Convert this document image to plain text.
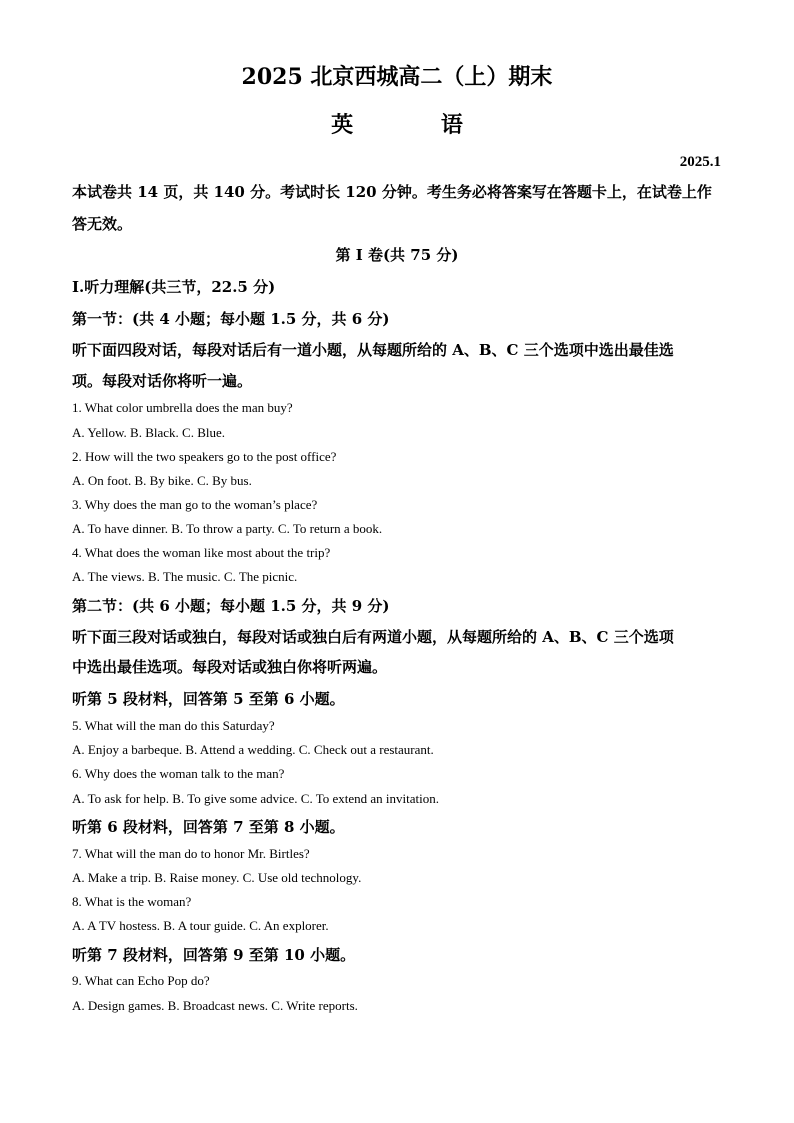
2025 北京西城高二（上）期末
英 语
2025.1
本试卷共 14 页，共 140 分。考试时长 120 分钟。考生务必将答案写在答题卡上，在试卷上作
答无效。
第 I 卷(共 75 分)
I.听力理解(共三节，22.5 分)
第一节：(共 4 小题；每小题 1.5 分，共 6 分)
听下面四段对话，每段对话后有一道小题，从每题所给的 A、B、C 三个选项中选出最佳选
项。每段对话你将听一遍。
1. What color umbrella does the man buy?
A. Yellow. B. Black. C. Blue.
2. How will the two speakers go to the post office?
A. On foot. B. By bike. C. By bus.
3. Why does the man go to the woman’s place?
A. To have dinner. B. To throw a party. C. To return a book.
4. What does the woman like most about the trip?
A. The views. B. The music. C. The picnic.
第二节：(共 6 小题；每小题 1.5 分，共 9 分)
听下面三段对话或独白，每段对话或独白后有两道小题，从每题所给的 A、B、C 三个选项
中选出最佳选项。每段对话或独白你将听两遍。
听第 5 段材料，回答第 5 至第 6 小题。
5. What will the man do this Saturday?
A. Enjoy a barbeque. B. Attend a wedding. C. Check out a restaurant.
6. Why does the woman talk to the man?
A. To ask for help. B. To give some advice. C. To extend an invitation.
听第 6 段材料，回答第 7 至第 8 小题。
7. What will the man do to honor Mr. Birtles?
A. Make a trip. B. Raise money. C. Use old technology.
8. What is the woman?
A. A TV hostess. B. A tour guide. C. An explorer.
听第 7 段材料，回答第 9 至第 10 小题。
9. What can Echo Pop do?
A. Design games. B. Broadcast news. C. Write reports.
